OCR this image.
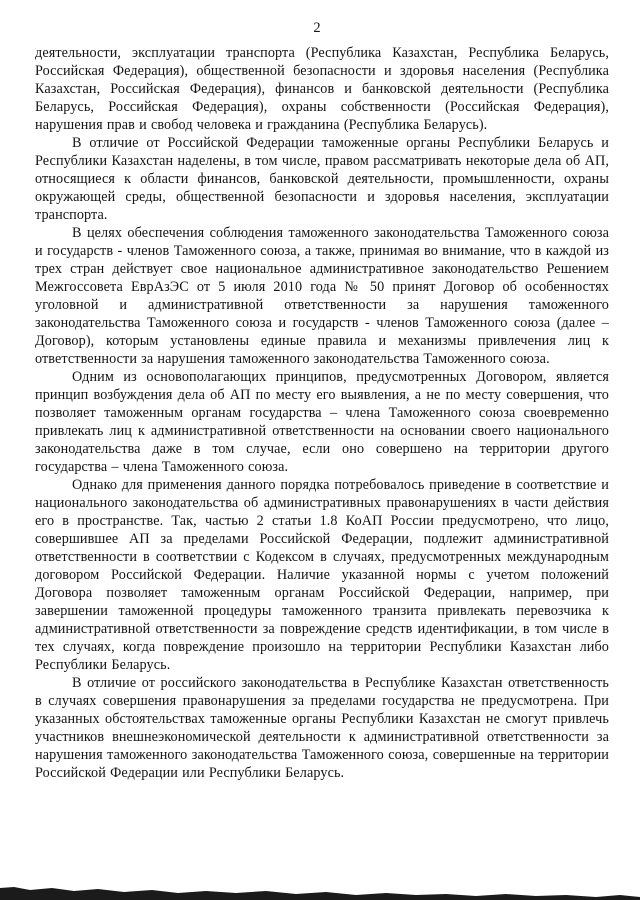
2

деятельности, эксплуатации транспорта (Республика Казахстан, Республика Беларусь, Российская Федерация), общественной безопасности и здоровья населения (Республика Казахстан, Российская Федерация), финансов и банковской деятельности (Республика Беларусь, Российская Федерация), охраны собственности (Российская Федерация), нарушения прав и свобод человека и гражданина (Республика Беларусь).

В отличие от Российской Федерации таможенные органы Республики Беларусь и Республики Казахстан наделены, в том числе, правом рассматривать некоторые дела об АП, относящиеся к области финансов, банковской деятельности, промышленности, охраны окружающей среды, общественной безопасности и здоровья населения, эксплуатации транспорта.

В целях обеспечения соблюдения таможенного законодательства Таможенного союза и государств - членов Таможенного союза, а также, принимая во внимание, что в каждой из трех стран действует свое национальное административное законодательство Решением Межгоссовета ЕврАзЭС от 5 июля 2010 года № 50 принят Договор об особенностях уголовной и административной ответственности за нарушения таможенного законодательства Таможенного союза и государств - членов Таможенного союза (далее – Договор), которым установлены единые правила и механизмы привлечения лиц к ответственности за нарушения таможенного законодательства Таможенного союза.

Одним из основополагающих принципов, предусмотренных Договором, является принцип возбуждения дела об АП по месту его выявления, а не по месту совершения, что позволяет таможенным органам государства – члена Таможенного союза своевременно привлекать лиц к административной ответственности на основании своего национального законодательства даже в том случае, если оно совершено на территории другого государства – члена Таможенного союза.

Однако для применения данного порядка потребовалось приведение в соответствие и национального законодательства об административных правонарушениях в части действия его в пространстве. Так, частью 2 статьи 1.8 КоАП России предусмотрено, что лицо, совершившее АП за пределами Российской Федерации, подлежит административной ответственности в соответствии с Кодексом в случаях, предусмотренных международным договором Российской Федерации. Наличие указанной нормы с учетом положений Договора позволяет таможенным органам Российской Федерации, например, при завершении таможенной процедуры таможенного транзита привлекать перевозчика к административной ответственности за повреждение средств идентификации, в том числе в тех случаях, когда повреждение произошло на территории Республики Казахстан либо Республики Беларусь.

В отличие от российского законодательства в Республике Казахстан ответственность в случаях совершения правонарушения за пределами государства не предусмотрена. При указанных обстоятельствах таможенные органы Республики Казахстан не смогут привлечь участников внешнеэкономической деятельности к административной ответственности за нарушения таможенного законодательства Таможенного союза, совершенные на территории Российской Федерации или Республики Беларусь.
